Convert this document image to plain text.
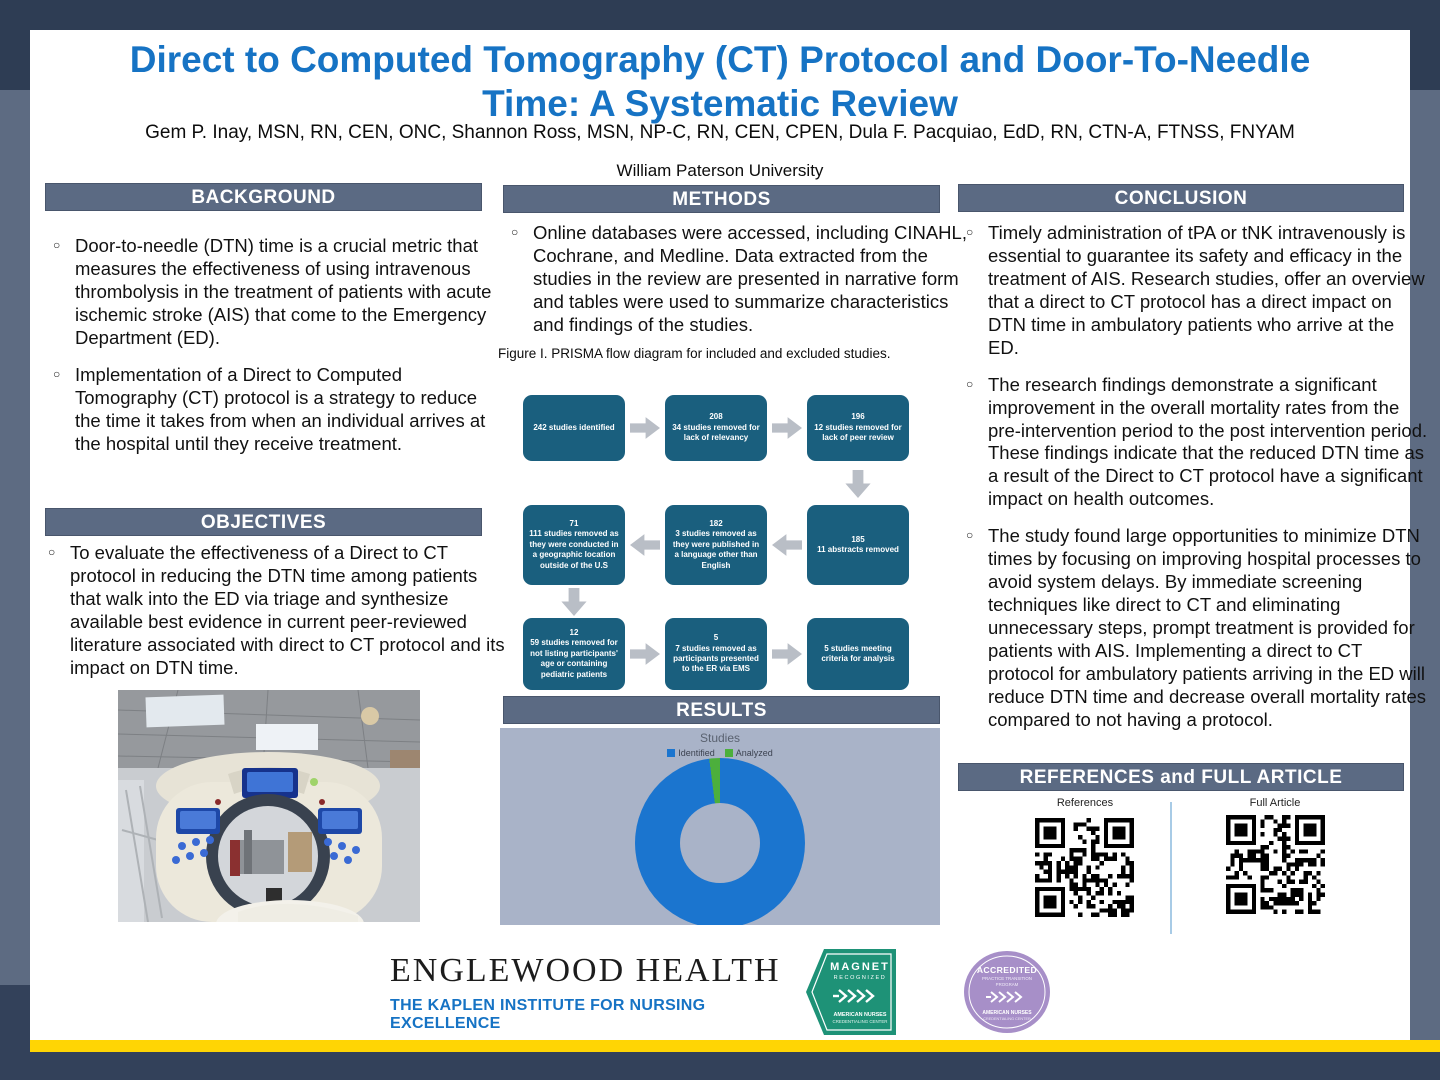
Direct to Computed Tomography (CT) Protocol and Door-To-Needle Time: A Systematic Review
Gem P. Inay, MSN, RN, CEN, ONC, Shannon Ross, MSN, NP-C, RN, CEN, CPEN, Dula F. Pacquiao, EdD, RN, CTN-A, FTNSS, FNYAM
William Paterson University
BACKGROUND
OBJECTIVES
METHODS
RESULTS
CONCLUSION
REFERENCES and FULL ARTICLE
○ Door-to-needle (DTN) time is a crucial metric that measures the effectiveness of using intravenous thrombolysis in the treatment of patients with acute ischemic stroke (AIS) that come to the Emergency Department (ED).
○ Implementation of a Direct to Computed Tomography (CT) protocol is a strategy to reduce the time it takes from when an individual arrives at the hospital until they receive treatment.
○ To evaluate the effectiveness of a Direct to CT protocol in reducing the DTN time among patients that walk into the ED via triage and synthesize available best evidence in current peer-reviewed literature associated with direct to CT protocol and its impact on DTN time.
○ Online databases were accessed, including CINAHL, Cochrane, and Medline. Data extracted from the studies in the review are presented in narrative form and tables were used to summarize characteristics and findings of the studies.
Figure I. PRISMA flow diagram for included and excluded studies.
242 studies identified
208
34 studies removed for lack of relevancy
196
12 studies removed for lack of peer review
71
111 studies removed as they were conducted in a geographic location outside of the U.S
182
3 studies removed as they were published in a language other than English
185
11 abstracts removed
12
59 studies removed for not listing participants' age or containing pediatric patients
5
7 studies removed as participants presented to the ER via EMS
5 studies meeting criteria for analysis
Studies
Identified	Analyzed
○ Timely administration of tPA or tNK intravenously is essential to guarantee its safety and efficacy in the treatment of AIS. Research studies, offer an overview that a direct to CT protocol has a direct impact on DTN time in ambulatory patients who arrive at the ED.
○ The research findings demonstrate a significant improvement in the overall mortality rates from the pre-intervention period to the post intervention period. These findings indicate that the reduced DTN time as a result of the Direct to CT protocol have a significant impact on health outcomes.
○ The study found large opportunities to minimize DTN times by focusing on improving hospital processes to avoid system delays. By immediate screening techniques like direct to CT and eliminating unnecessary steps, prompt treatment is provided for patients with AIS. Implementing a direct to CT protocol for ambulatory patients arriving in the ED will reduce DTN time and decrease overall mortality rates compared to not having a protocol.
References	Full Article
ENGLEWOOD HEALTH
THE KAPLEN INSTITUTE FOR NURSING EXCELLENCE
MAGNET
RECOGNIZED
AMERICAN NURSES
CREDENTIALING CENTER
ACCREDITED
PRACTICE TRANSITION
PROGRAM
AMERICAN NURSES
CREDENTIALING CENTER
